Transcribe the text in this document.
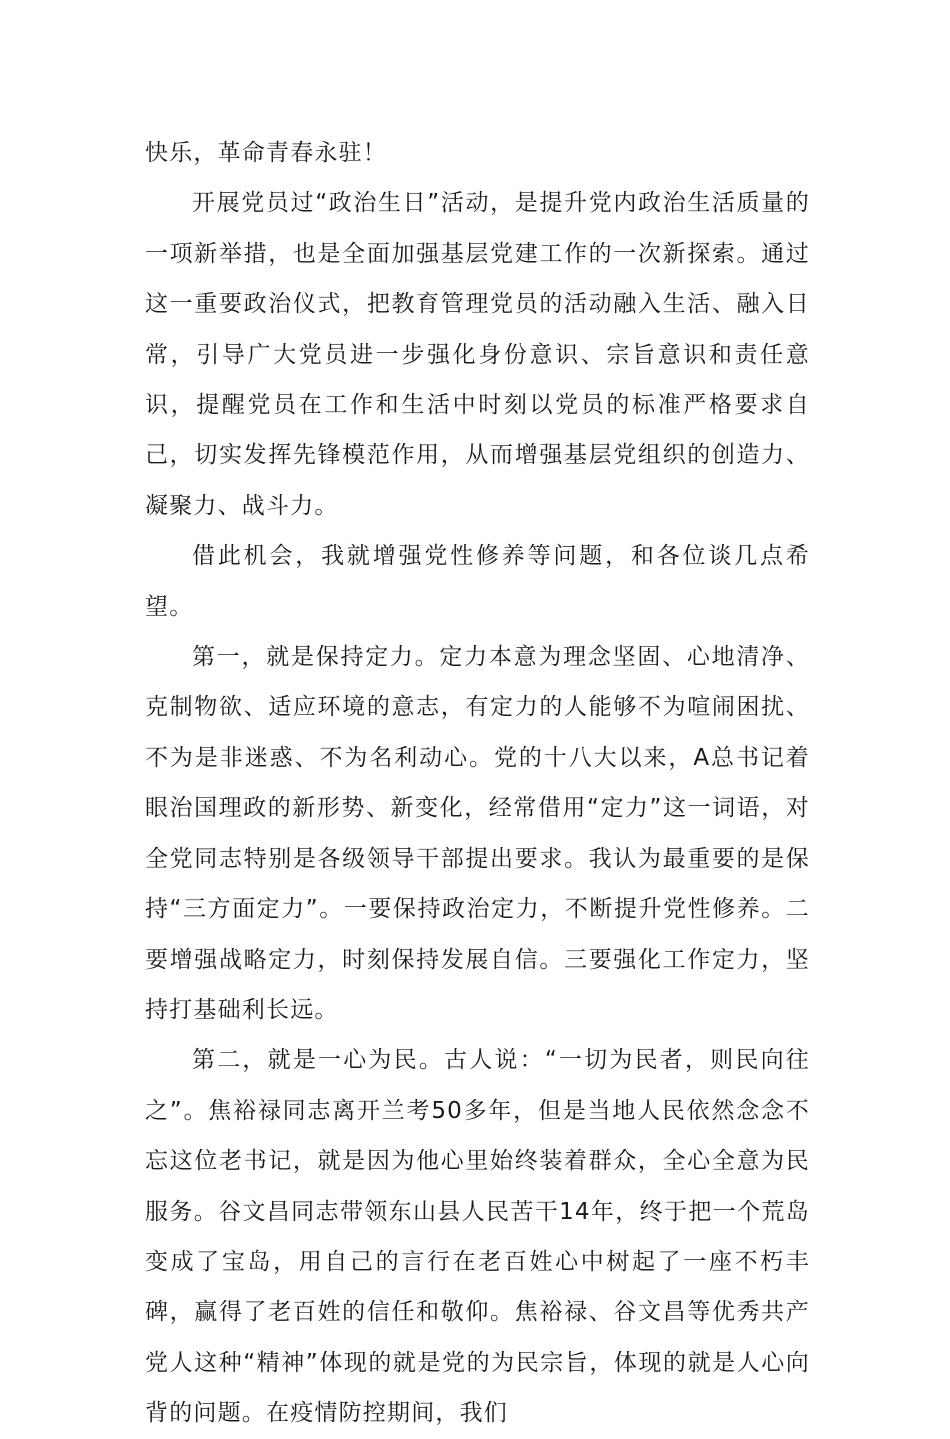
快乐，革命青春永驻！

开展党员过“政治生日”活动，是提升党内政治生活质量的一项新举措，也是全面加强基层党建工作的一次新探索。通过这一重要政治仪式，把教育管理党员的活动融入生活、融入日常，引导广大党员进一步强化身份意识、宗旨意识和责任意识，提醒党员在工作和生活中时刻以党员的标准严格要求自己，切实发挥先锋模范作用，从而增强基层党组织的创造力、凝聚力、战斗力。

借此机会，我就增强党性修养等问题，和各位谈几点希望。

第一，就是保持定力。定力本意为理念坚固、心地清净、克制物欲、适应环境的意志，有定力的人能够不为喧闹困扰、不为是非迷惑、不为名利动心。党的十八大以来，A总书记着眼治国理政的新形势、新变化，经常借用“定力”这一词语，对全党同志特别是各级领导干部提出要求。我认为最重要的是保持“三方面定力”。一要保持政治定力，不断提升党性修养。二要增强战略定力，时刻保持发展自信。三要强化工作定力，坚持打基础利长远。

第二，就是一心为民。古人说：“一切为民者，则民向往之”。焦裕禄同志离开兰考50多年，但是当地人民依然念念不忘这位老书记，就是因为他心里始终装着群众，全心全意为民服务。谷文昌同志带领东山县人民苦干14年，终于把一个荒岛变成了宝岛，用自己的言行在老百姓心中树起了一座不朽丰碑，赢得了老百姓的信任和敬仰。焦裕禄、谷文昌等优秀共产党人这种“精神”体现的就是党的为民宗旨，体现的就是人心向背的问题。在疫情防控期间，我们
